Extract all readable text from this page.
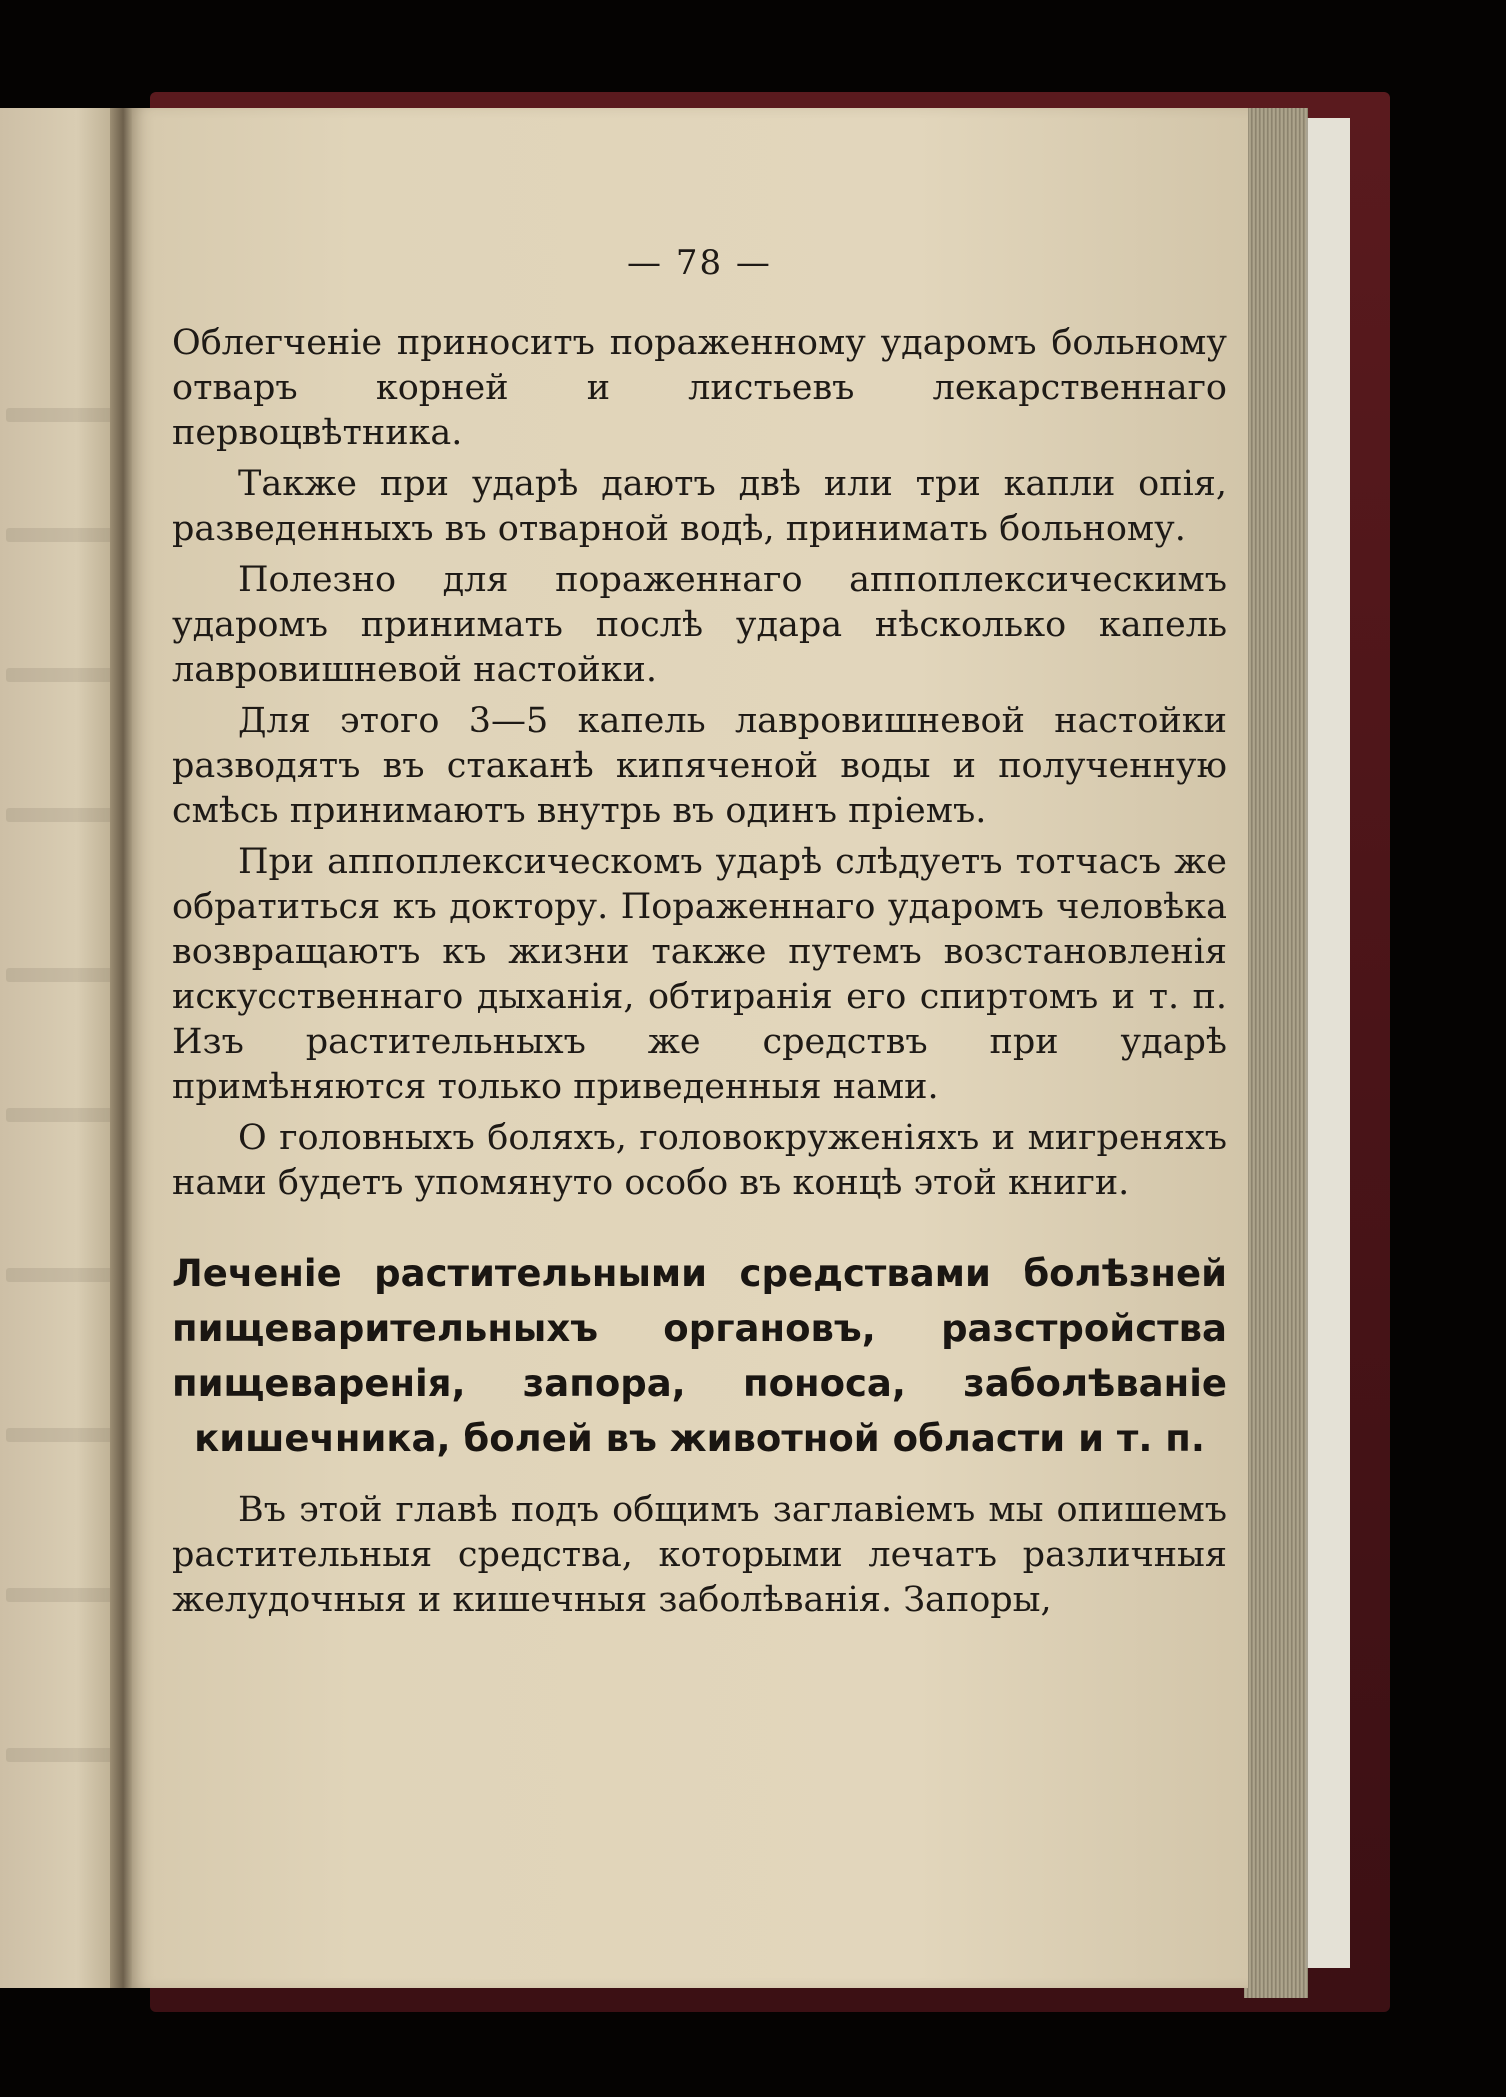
— 78 —

Облегченіе приноситъ пораженному ударомъ больному отваръ корней и листьевъ лекарственнаго первоцвѣтника.

Также при ударѣ даютъ двѣ или три капли опія, разведенныхъ въ отварной водѣ, принимать больному.

Полезно для пораженнаго аппоплексическимъ ударомъ принимать послѣ удара нѣсколько капель лавровишневой настойки.

Для этого 3—5 капель лавровишневой настойки разводятъ въ стаканѣ кипяченой воды и полученную смѣсь принимаютъ внутрь въ одинъ пріемъ.

При аппоплексическомъ ударѣ слѣдуетъ тотчасъ же обратиться къ доктору. Пораженнаго ударомъ человѣка возвращаютъ къ жизни также путемъ возстановленія искусственнаго дыханія, обтиранія его спиртомъ и т. п. Изъ растительныхъ же средствъ при ударѣ примѣняются только приведенныя нами.

О головныхъ боляхъ, головокруженіяхъ и мигреняхъ нами будетъ упомянуто особо въ концѣ этой книги.

Леченіе растительными средствами болѣзней пищеварительныхъ органовъ, разстройства пищеваренія, запора, поноса, заболѣваніе кишечника, болей въ животной области и т. п.

Въ этой главѣ подъ общимъ заглавіемъ мы опишемъ растительныя средства, которыми лечатъ различныя желудочныя и кишечныя заболѣванія. Запоры,
